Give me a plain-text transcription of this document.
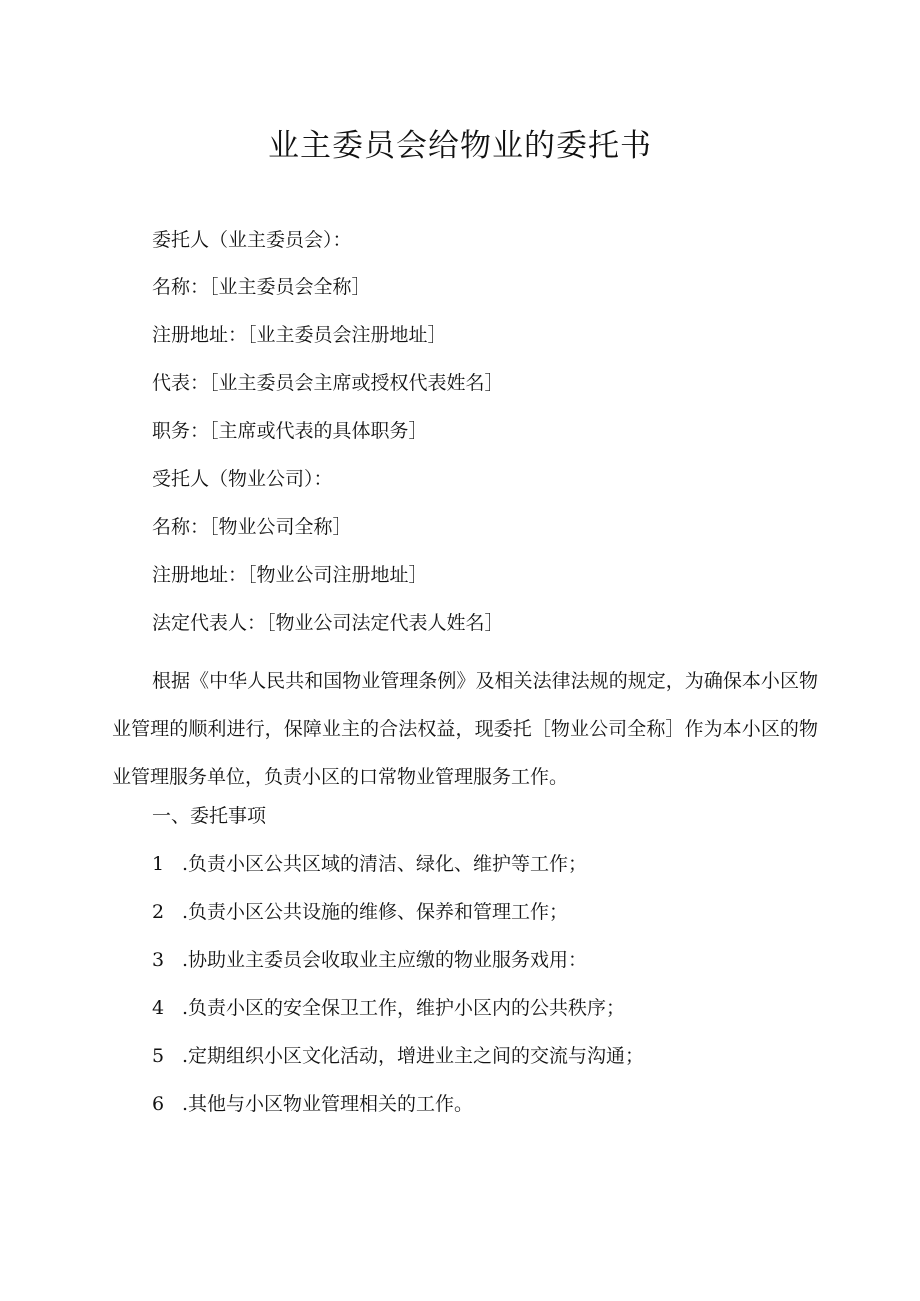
业主委员会给物业的委托书

委托人（业主委员会）：

名称：［业主委员会全称］

注册地址：［业主委员会注册地址］

代表：［业主委员会主席或授权代表姓名］

职务：［主席或代表的具体职务］

受托人（物业公司）：

名称：［物业公司全称］

注册地址：［物业公司注册地址］

法定代表人：［物业公司法定代表人姓名］

根据《中华人民共和国物业管理条例》及相关法律法规的规定，为确保本小区物业管理的顺利进行，保障业主的合法权益，现委托［物业公司全称］作为本小区的物业管理服务单位，负责小区的口常物业管理服务工作。

一、委托事项

1 .负责小区公共区域的清洁、绿化、维护等工作；

2 .负责小区公共设施的维修、保养和管理工作；

3 .协助业主委员会收取业主应缴的物业服务戏用：

4 .负责小区的安全保卫工作，维护小区内的公共秩序；

5 .定期组织小区文化活动，增进业主之间的交流与沟通；

6 .其他与小区物业管理相关的工作。
